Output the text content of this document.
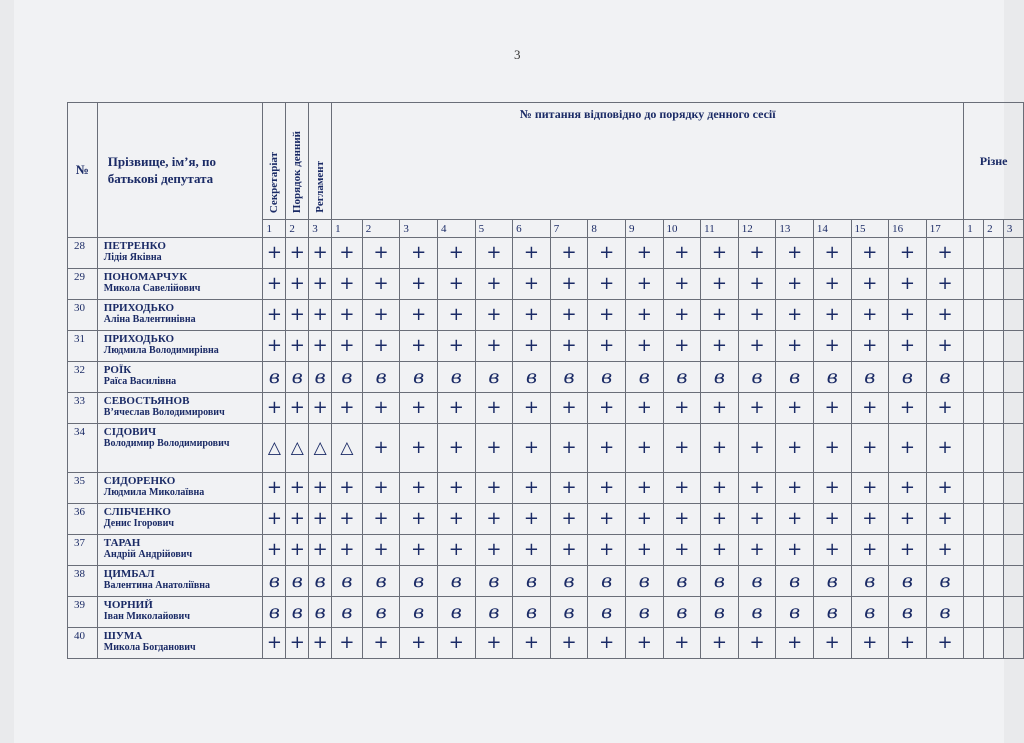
3
№	Прізвище, ім’я, по батькові депутата	Секретаріат	Порядок денний	Регламент	№ питання відповідно до порядку денного сесії																	Різне		
		1	2	3	1	2	3	4	5	6	7	8	9	10	11	12	13	14	15	16	17	1	2	3
28	ПЕТРЕНКО
Лідія Яківна	+	+	+	+	+	+	+	+	+	+	+	+	+	+	+	+	+	+	+	+			
29	ПОНОМАРЧУК
Микола Савелійович	+	+	+	+	+	+	+	+	+	+	+	+	+	+	+	+	+	+	+	+			
30	ПРИХОДЬКО
Аліна Валентинівна	+	+	+	+	+	+	+	+	+	+	+	+	+	+	+	+	+	+	+	+			
31	ПРИХОДЬКО
Людмила Володимирівна	+	+	+	+	+	+	+	+	+	+	+	+	+	+	+	+	+	+	+	+			
32	РОЇК
Раїса Василівна	в	в	в	в	в	в	в	в	в	в	в	в	в	в	в	в	в	в	в	в			
33	СЕВОСТЬЯНОВ
В’ячеслав Володимирович	+	+	+	+	+	+	+	+	+	+	+	+	+	+	+	+	+	+	+	+			
34	СІДОВИЧ
Володимир Володимирович	△	△	△	△	+	+	+	+	+	+	+	+	+	+	+	+	+	+	+	+			
35	СИДОРЕНКО
Людмила Миколаївна	+	+	+	+	+	+	+	+	+	+	+	+	+	+	+	+	+	+	+	+			
36	СЛІБЧЕНКО
Денис Ігорович	+	+	+	+	+	+	+	+	+	+	+	+	+	+	+	+	+	+	+	+			
37	ТАРАН
Андрій Андрійович	+	+	+	+	+	+	+	+	+	+	+	+	+	+	+	+	+	+	+	+			
38	ЦИМБАЛ
Валентина Анатоліївна	в	в	в	в	в	в	в	в	в	в	в	в	в	в	в	в	в	в	в	в			
39	ЧОРНИЙ
Іван Миколайович	в	в	в	в	в	в	в	в	в	в	в	в	в	в	в	в	в	в	в	в			
40	ШУМА
Микола Богданович	+	+	+	+	+	+	+	+	+	+	+	+	+	+	+	+	+	+	+	+			
